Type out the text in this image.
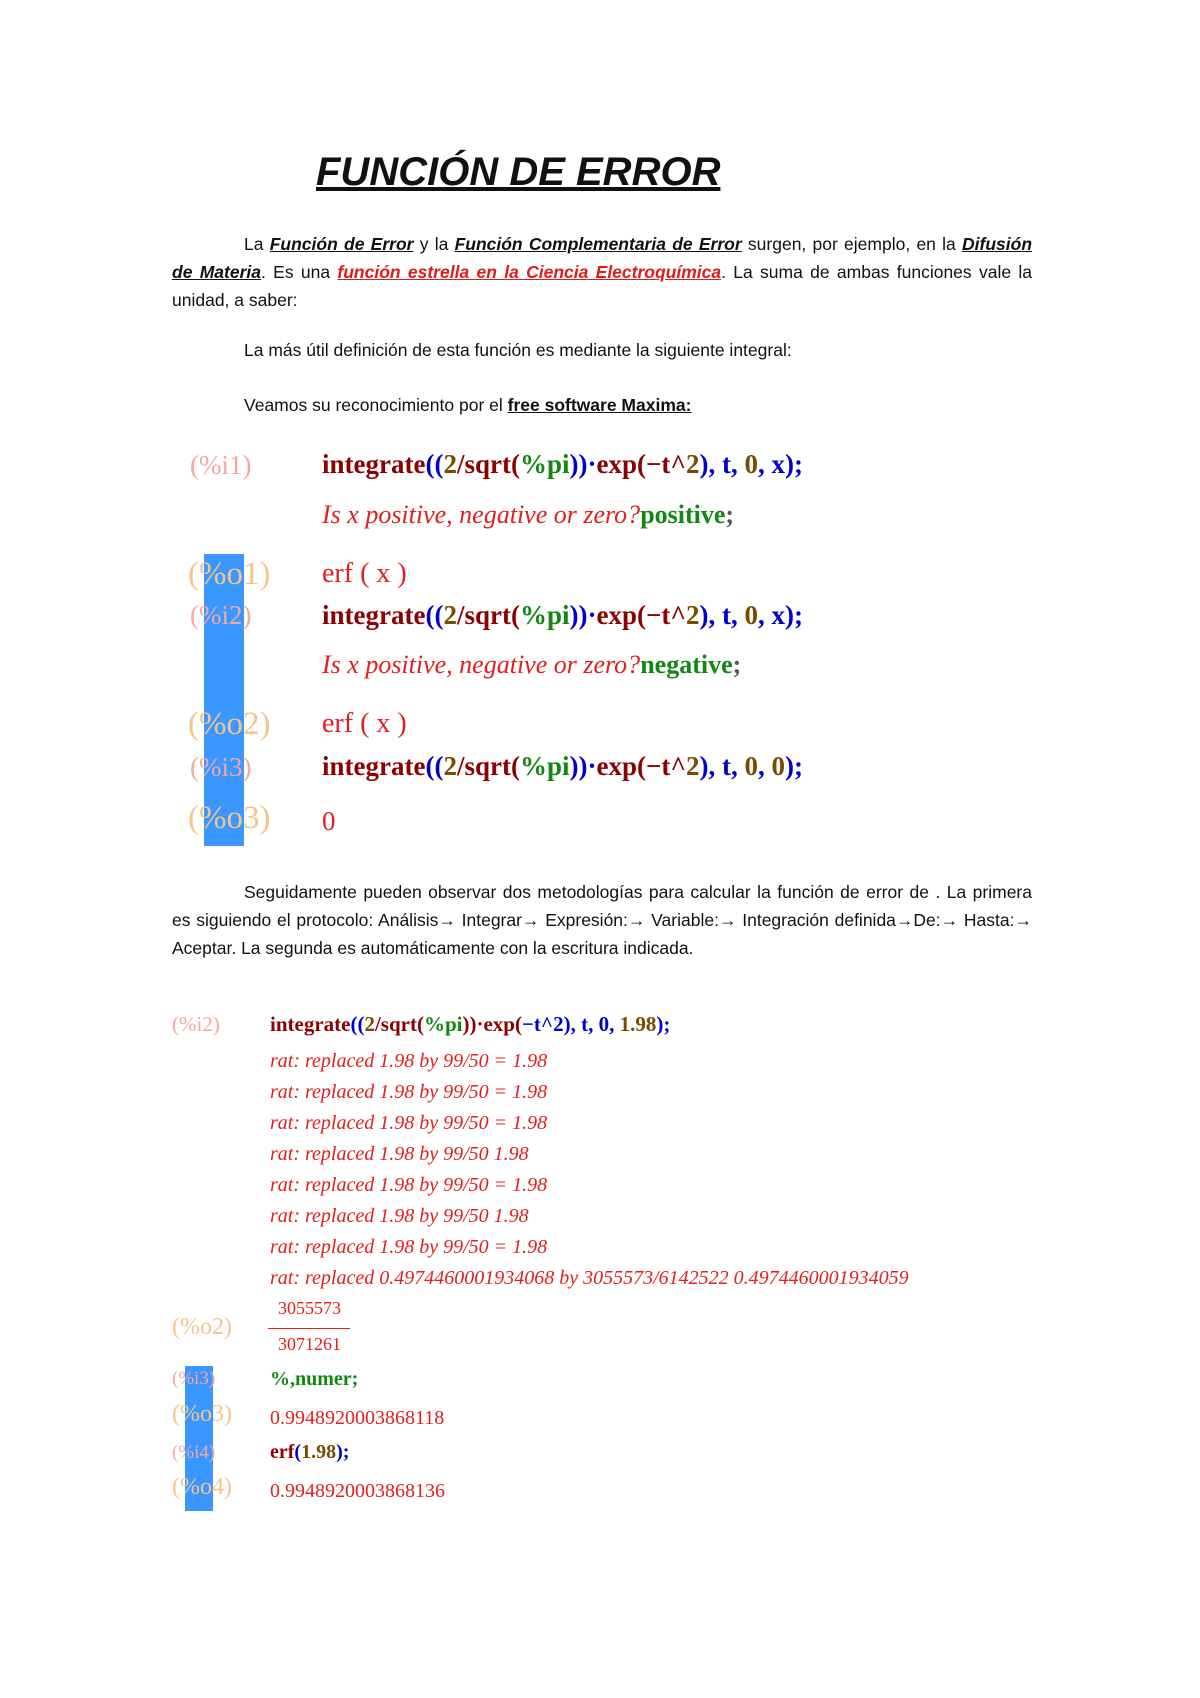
FUNCIÓN DE ERROR
La Función de Error y la Función Complementaria de Error surgen, por ejemplo, en la Difusión de Materia. Es una función estrella en la Ciencia Electroquímica. La suma de ambas funciones vale la unidad, a saber:
La más útil definición de esta función es mediante la siguiente integral:
Veamos su reconocimiento por el free software Maxima:
(%i1)	integrate((2/sqrt(%pi))·exp(−t^2), t, 0, x);
Is x positive, negative or zero?positive;
(%o1) erf ( x )
(%i2)	integrate((2/sqrt(%pi))·exp(−t^2), t, 0, x);
Is x positive, negative or zero?negative;
(%o2) erf ( x )
(%i3)	integrate((2/sqrt(%pi))·exp(−t^2), t, 0, 0);
(%o3) 0
Seguidamente pueden observar dos metodologías para calcular la función de error de . La primera es siguiendo el protocolo: Análisis→ Integrar→ Expresión:→ Variable:→ Integración definida→De:→ Hasta:→ Aceptar. La segunda es automáticamente con la escritura indicada.
(%i2) integrate((2/sqrt(%pi))·exp(−t^2), t, 0, 1.98);
rat: replaced 1.98 by 99/50 = 1.98
rat: replaced 1.98 by 99/50 = 1.98
rat: replaced 1.98 by 99/50 = 1.98
rat: replaced 1.98 by 99/50 1.98
rat: replaced 1.98 by 99/50 = 1.98
rat: replaced 1.98 by 99/50 1.98
rat: replaced 1.98 by 99/50 = 1.98
rat: replaced 0.4974460001934068 by 3055573/6142522 0.4974460001934059
3055573
(%o2)
3071261
(%i3)	%,numer;
(%o3) 0.9948920003868118
(%i4)	erf(1.98);
(%o4) 0.9948920003868136
